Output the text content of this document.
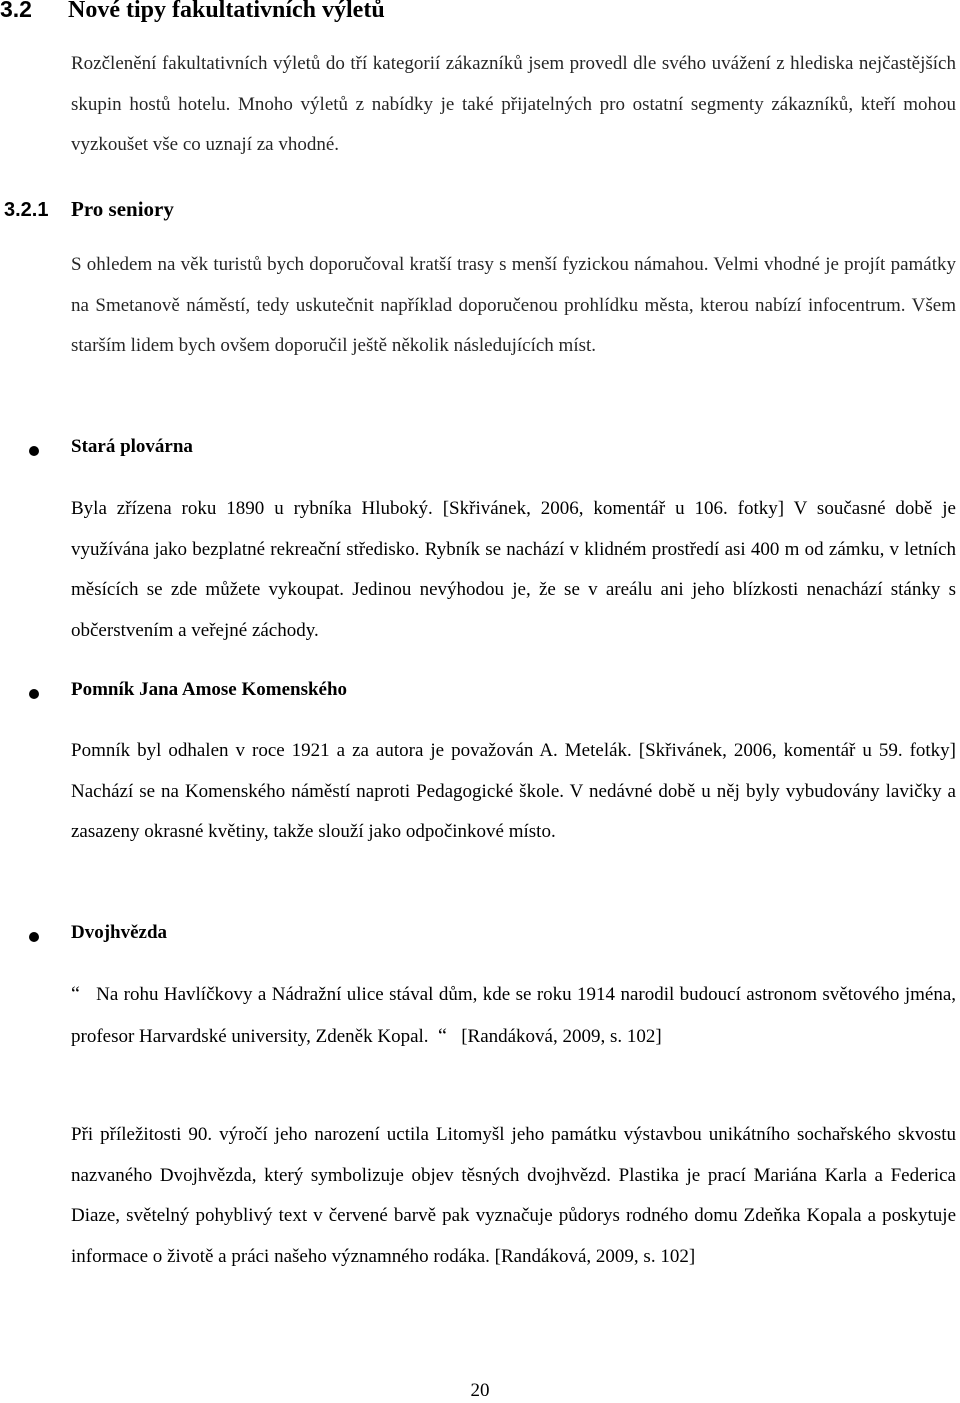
3.2 Nové tipy fakultativních výletů
Rozčlenění fakultativních výletů do tří kategorií zákazníků jsem provedl dle svého uvážení z hlediska nejčastějších skupin hostů hotelu. Mnoho výletů z nabídky je také přijatelných pro ostatní segmenty zákazníků, kteří mohou vyzkoušet vše co uznají za vhodné.
3.2.1 Pro seniory
S ohledem na věk turistů bych doporučoval kratší trasy s menší fyzickou námahou. Velmi vhodné je projít památky na Smetanově náměstí, tedy uskutečnit například doporučenou prohlídku města, kterou nabízí infocentrum. Všem starším lidem bych ovšem doporučil ještě několik následujících míst.
Stará plovárna
Byla zřízena roku 1890 u rybníka Hluboký. [Skřivánek, 2006, komentář u 106. fotky] V současné době je využívána jako bezplatné rekreační středisko. Rybník se nachází v klidném prostředí asi 400 m od zámku, v letních měsících se zde můžete vykoupat. Jedinou nevýhodou je, že se v areálu ani jeho blízkosti nenachází stánky s občerstvením a veřejné záchody.
Pomník Jana Amose Komenského
Pomník byl odhalen v roce 1921 a za autora je považován A. Metelák. [Skřivánek, 2006, komentář u 59. fotky] Nachází se na Komenského náměstí naproti Pedagogické škole. V nedávné době u něj byly vybudovány lavičky a zasazeny okrasné květiny, takže slouží jako odpočinkové místo.
Dvojhvězda
“ Na rohu Havlíčkovy a Nádražní ulice stával dům, kde se roku 1914 narodil budoucí astronom světového jména, profesor Harvardské university, Zdeněk Kopal. “ [Randáková, 2009, s. 102]
Při příležitosti 90. výročí jeho narození uctila Litomyšl jeho památku výstavbou unikátního sochařského skvostu nazvaného Dvojhvězda, který symbolizuje objev těsných dvojhvězd. Plastika je prací Mariána Karla a Federica Diaze, světelný pohyblivý text v červené barvě pak vyznačuje půdorys rodného domu Zdeňka Kopala a poskytuje informace o životě a práci našeho významného rodáka. [Randáková, 2009, s. 102]
20
